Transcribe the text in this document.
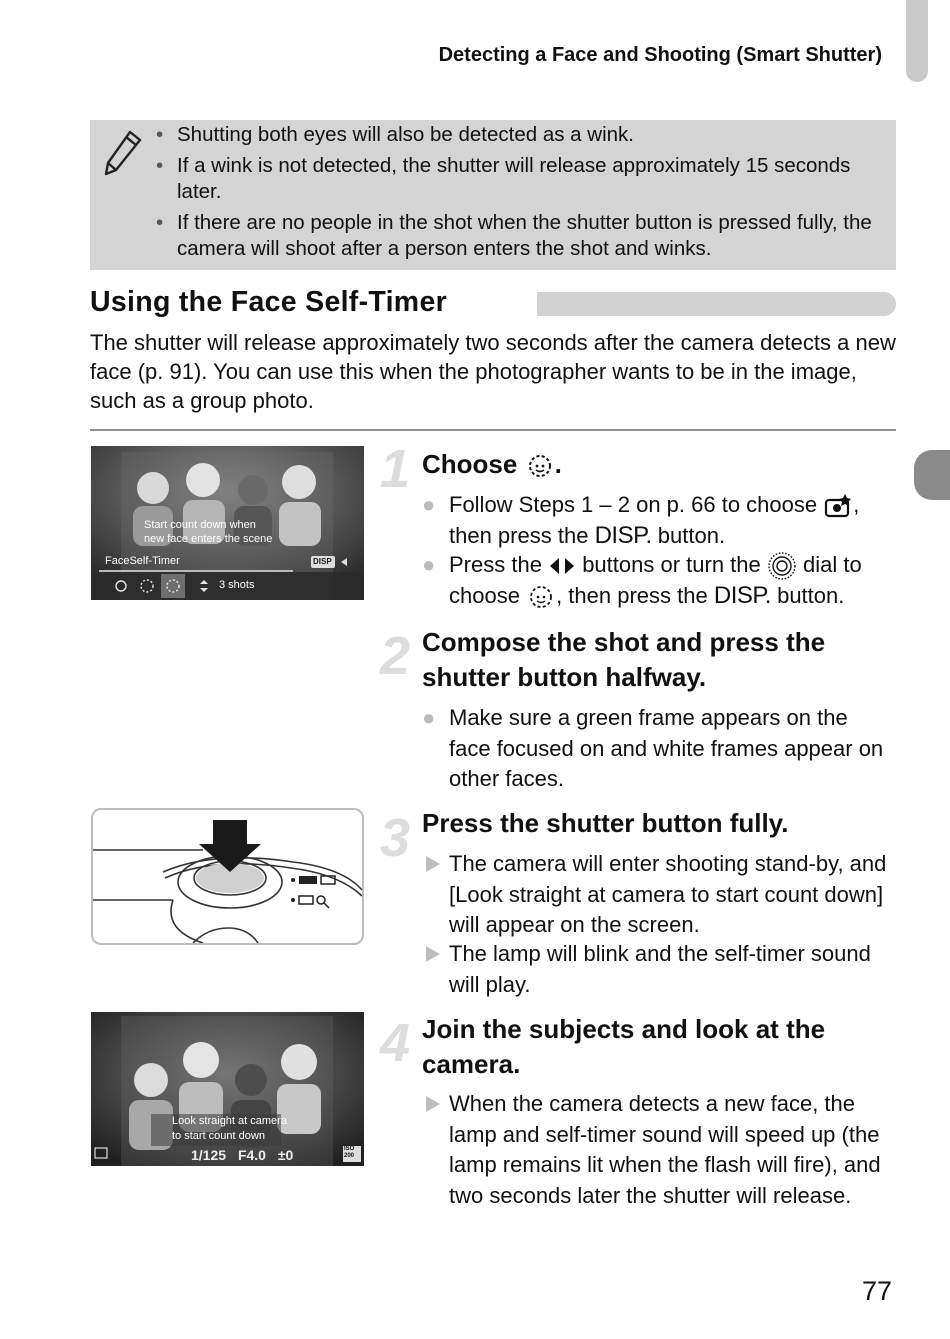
Detecting a Face and Shooting (Smart Shutter)
• Shutting both eyes will also be detected as a wink.
• If a wink is not detected, the shutter will release approximately 15 seconds later.
• If there are no people in the shot when the shutter button is pressed fully, the camera will shoot after a person enters the shot and winks.
Using the Face Self-Timer
The shutter will release approximately two seconds after the camera detects a new face (p. 91). You can use this when the photographer wants to be in the image, such as a group photo.
Start count down when
new face enters the scene
FaceSelf-Timer	DISP
3 shots
1 Choose .
● Follow Steps 1 – 2 on p. 66 to choose , then press the DISP. button.
● Press the buttons or turn the dial to choose , then press the DISP. button.
2 Compose the shot and press the shutter button halfway.
● Make sure a green frame appears on the face focused on and white frames appear on other faces.
3 Press the shutter button fully.
The camera will enter shooting stand-by, and [Look straight at camera to start count down] will appear on the screen.
The lamp will blink and the self-timer sound will play.
Look straight at camera
to start count down
1/125 F4.0 ±0	ISO
200
4 Join the subjects and look at the camera.
When the camera detects a new face, the lamp and self-timer sound will speed up (the lamp remains lit when the flash will fire), and two seconds later the shutter will release.
77
